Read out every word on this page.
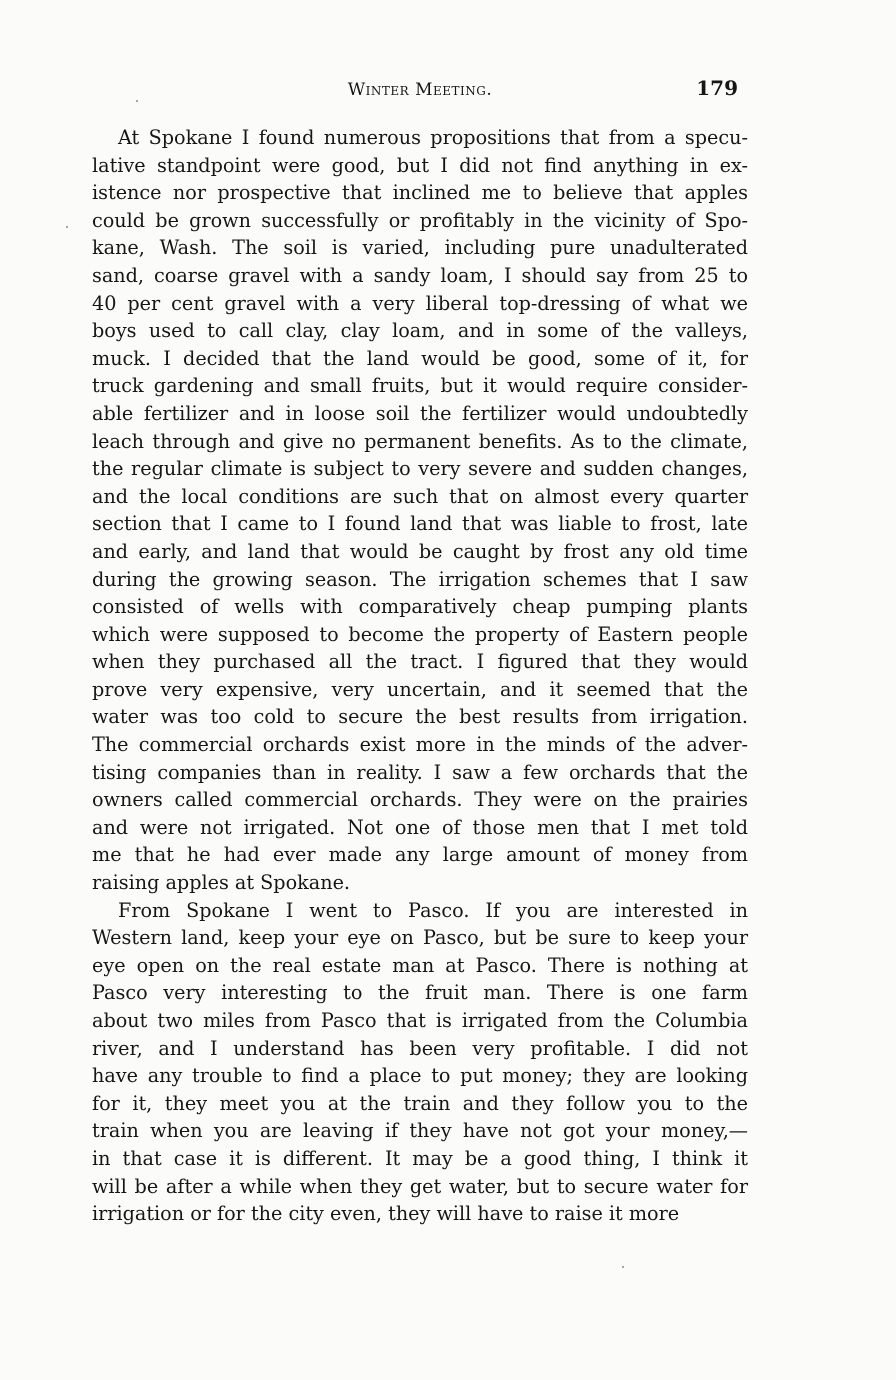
Winter Meeting.	179
At Spokane I found numerous propositions that from a specu-
lative standpoint were good, but I did not find anything in ex-
istence nor prospective that inclined me to believe that apples
could be grown successfully or profitably in the vicinity of Spo-
kane, Wash. The soil is varied, including pure unadulterated
sand, coarse gravel with a sandy loam, I should say from 25 to
40 per cent gravel with a very liberal top-dressing of what we
boys used to call clay, clay loam, and in some of the valleys,
muck. I decided that the land would be good, some of it, for
truck gardening and small fruits, but it would require consider-
able fertilizer and in loose soil the fertilizer would undoubtedly
leach through and give no permanent benefits. As to the climate,
the regular climate is subject to very severe and sudden changes,
and the local conditions are such that on almost every quarter
section that I came to I found land that was liable to frost, late
and early, and land that would be caught by frost any old time
during the growing season. The irrigation schemes that I saw
consisted of wells with comparatively cheap pumping plants
which were supposed to become the property of Eastern people
when they purchased all the tract. I figured that they would
prove very expensive, very uncertain, and it seemed that the
water was too cold to secure the best results from irrigation.
The commercial orchards exist more in the minds of the adver-
tising companies than in reality. I saw a few orchards that the
owners called commercial orchards. They were on the prairies
and were not irrigated. Not one of those men that I met told
me that he had ever made any large amount of money from
raising apples at Spokane.
From Spokane I went to Pasco. If you are interested in
Western land, keep your eye on Pasco, but be sure to keep your
eye open on the real estate man at Pasco. There is nothing at
Pasco very interesting to the fruit man. There is one farm
about two miles from Pasco that is irrigated from the Columbia
river, and I understand has been very profitable. I did not
have any trouble to find a place to put money; they are looking
for it, they meet you at the train and they follow you to the
train when you are leaving if they have not got your money,—
in that case it is different. It may be a good thing, I think it
will be after a while when they get water, but to secure water for
irrigation or for the city even, they will have to raise it more
